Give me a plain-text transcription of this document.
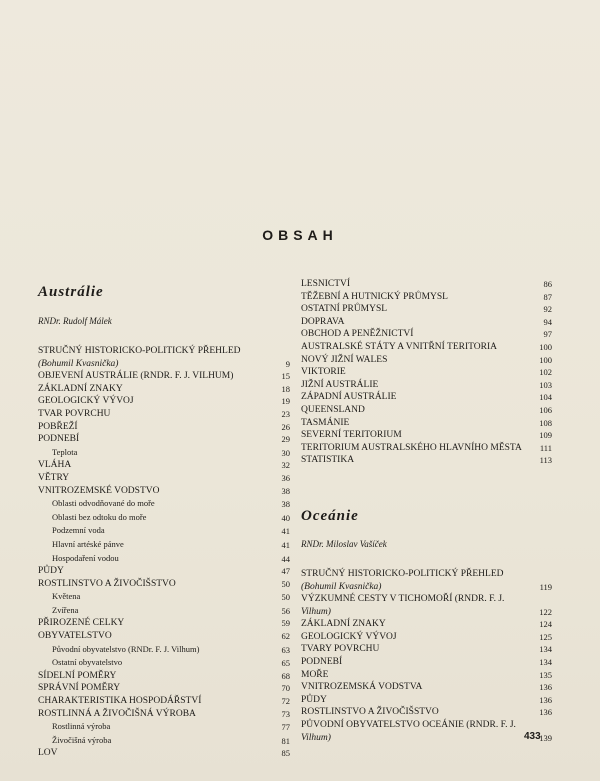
OBSAH
Austrálie
RNDr. Rudolf Málek
STRUČNÝ HISTORICKO-POLITICKÝ PŘEHLED
(Bohumil Kvasnička)	9
OBJEVENÍ AUSTRÁLIE (RNDR. F. J. VILHUM)	15
ZÁKLADNÍ ZNAKY	18
GEOLOGICKÝ VÝVOJ	19
TVAR POVRCHU	23
POBŘEŽÍ	26
PODNEBÍ	29
Teplota	30
VLÁHA	32
VĚTRY	36
VNITROZEMSKÉ VODSTVO	38
Oblasti odvodňované do moře	38
Oblasti bez odtoku do moře	40
Podzemní voda	41
Hlavní artéské pánve	41
Hospodaření vodou	44
PŮDY	47
ROSTLINSTVO A ŽIVOČIŠSTVO	50
Květena	50
Zvířena	56
PŘIROZENÉ CELKY	59
OBYVATELSTVO	62
Původní obyvatelstvo (RNDr. F. J. Vilhum)	63
Ostatní obyvatelstvo	65
SÍDELNÍ POMĚRY	68
SPRÁVNÍ POMĚRY	70
CHARAKTERISTIKA HOSPODÁŘSTVÍ	72
ROSTLINNÁ A ŽIVOČIŠNÁ VÝROBA	73
Rostlinná výroba	77
Živočišná výroba	81
LOV	85
LESNICTVÍ	86
TĚŽEBNÍ A HUTNICKÝ PRŮMYSL	87
OSTATNÍ PRŮMYSL	92
DOPRAVA	94
OBCHOD A PENĚŽNICTVÍ	97
AUSTRALSKÉ STÁTY A VNITŘNÍ TERITORIA	100
NOVÝ JIŽNÍ WALES	100
VIKTORIE	102
JIŽNÍ AUSTRÁLIE	103
ZÁPADNÍ AUSTRÁLIE	104
QUEENSLAND	106
TASMÁNIE	108
SEVERNÍ TERITORIUM	109
TERITORIUM AUSTRALSKÉHO HLAVNÍHO MĚSTA 111
STATISTIKA	113
Oceánie
RNDr. Miloslav Vašíček
STRUČNÝ HISTORICKO-POLITICKÝ PŘEHLED
(Bohumil Kvasnička)	119
VÝZKUMNÉ CESTY V TICHOMOŘÍ (RNDR. F. J.
Vilhum)	122
ZÁKLADNÍ ZNAKY	124
GEOLOGICKÝ VÝVOJ	125
TVARY POVRCHU	134
PODNEBÍ	134
MOŘE	135
VNITROZEMSKÁ VODSTVA	136
PŮDY	136
ROSTLINSTVO A ŽIVOČIŠSTVO	136
PŮVODNÍ OBYVATELSTVO OCEÁNIE (RNDR. F. J.
Vilhum)	139
433
